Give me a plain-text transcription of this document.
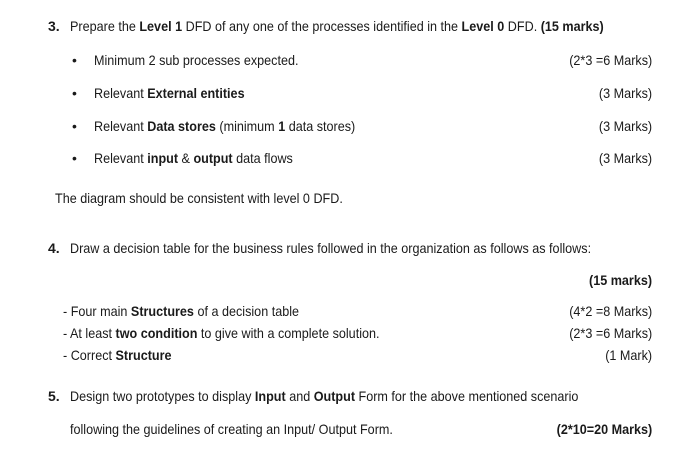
3. Prepare the Level 1 DFD of any one of the processes identified in the Level 0 DFD. (15 marks)
• Minimum 2 sub processes expected.	(2*3 =6 Marks)
• Relevant External entities	(3 Marks)
• Relevant Data stores (minimum 1 data stores)	(3 Marks)
• Relevant input & output data flows	(3 Marks)
The diagram should be consistent with level 0 DFD.
4. Draw a decision table for the business rules followed in the organization as follows as follows:
(15 marks)
- Four main Structures of a decision table	(4*2 =8 Marks)
- At least two condition to give with a complete solution.	(2*3 =6 Marks)
- Correct Structure	(1 Mark)
5. Design two prototypes to display Input and Output Form for the above mentioned scenario
following the guidelines of creating an Input/ Output Form.	(2*10=20 Marks)
